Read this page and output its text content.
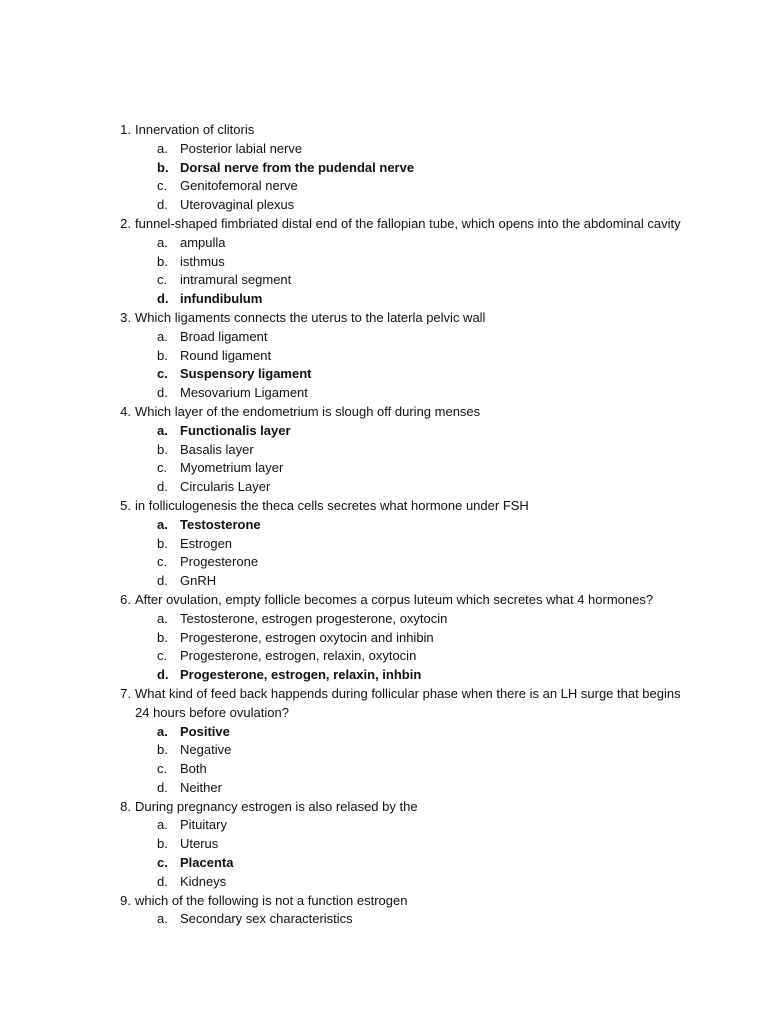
1. Innervation of clitoris
a. Posterior labial nerve
b. Dorsal nerve from the pudendal nerve
c. Genitofemoral nerve
d. Uterovaginal plexus
2. funnel-shaped fimbriated distal end of the fallopian tube, which opens into the abdominal cavity
a. ampulla
b. isthmus
c. intramural segment
d. infundibulum
3. Which ligaments connects the uterus to the laterla pelvic wall
a. Broad ligament
b. Round ligament
c. Suspensory ligament
d. Mesovarium Ligament
4. Which layer of the endometrium is slough off during menses
a. Functionalis layer
b. Basalis layer
c. Myometrium layer
d. Circularis Layer
5. in folliculogenesis the theca cells secretes what hormone under FSH
a. Testosterone
b. Estrogen
c. Progesterone
d. GnRH
6. After ovulation, empty follicle becomes a corpus luteum which secretes what 4 hormones?
a. Testosterone, estrogen progesterone, oxytocin
b. Progesterone, estrogen oxytocin and inhibin
c. Progesterone, estrogen, relaxin, oxytocin
d. Progesterone, estrogen, relaxin, inhbin
7. What kind of feed back happends during follicular phase when there is an LH surge that begins
24 hours before ovulation?
a. Positive
b. Negative
c. Both
d. Neither
8. During pregnancy estrogen is also relased by the
a. Pituitary
b. Uterus
c. Placenta
d. Kidneys
9. which of the following is not a function estrogen
a. Secondary sex characteristics
